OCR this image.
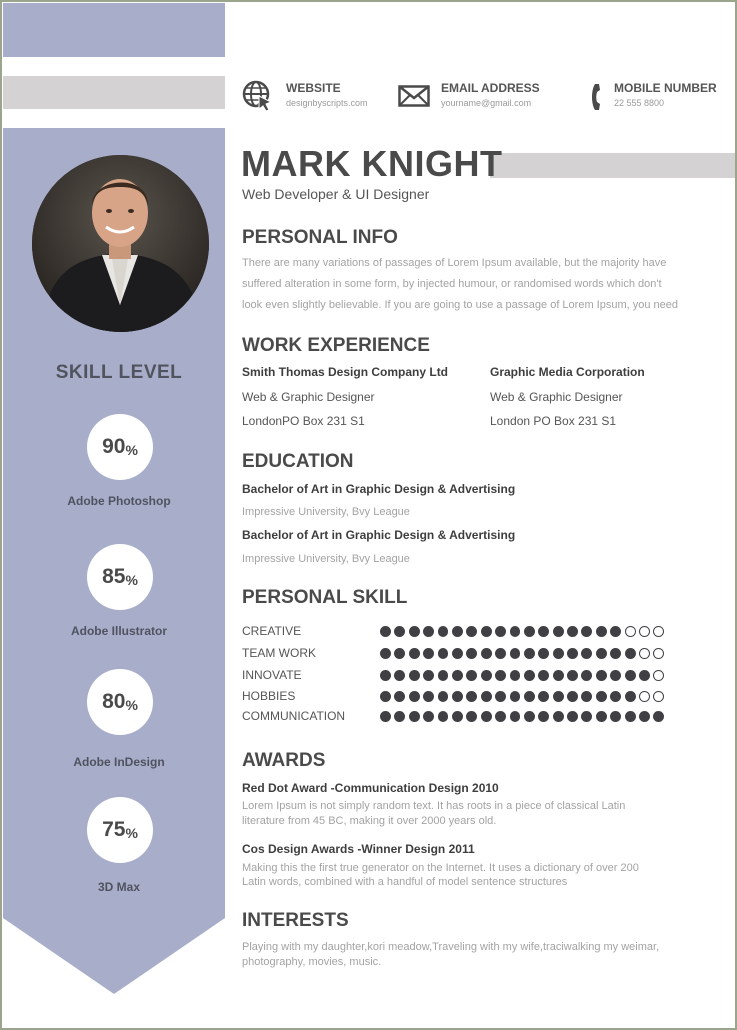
SKILL LEVEL
90 %
Adobe Photoshop
85 %
Adobe Illustrator
80 %
Adobe InDesign
75 %
3D Max
WEBSITE
designbyscripts.com
EMAIL ADDRESS
yourname@gmail.com
MOBILE NUMBER
22 555 8800
MARK KNIGHT
Web Developer & UI Designer
PERSONAL INFO
There are many variations of passages of Lorem Ipsum available, but the majority have
suffered alteration in some form, by injected humour, or randomised words which don't
look even slightly believable. If you are going to use a passage of Lorem Ipsum, you need
WORK EXPERIENCE
Smith Thomas Design Company Ltd
Web & Graphic Designer
LondonPO Box 231 S1
Graphic Media Corporation
Web & Graphic Designer
London PO Box 231 S1
EDUCATION
Bachelor of Art in Graphic Design & Advertising
Impressive University, Bvy League
Bachelor of Art in Graphic Design & Advertising
Impressive University, Bvy League
PERSONAL SKILL
CREATIVE
TEAM WORK
INNOVATE
HOBBIES
COMMUNICATION
AWARDS
Red Dot Award -Communication Design 2010
Lorem Ipsum is not simply random text. It has roots in a piece of classical Latin
literature from 45 BC, making it over 2000 years old.
Cos Design Awards -Winner Design 2011
Making this the first true generator on the Internet. It uses a dictionary of over 200
Latin words, combined with a handful of model sentence structures
INTERESTS
Playing with my daughter,kori meadow,Traveling with my wife,traciwalking my weimar,
photography, movies, music.
